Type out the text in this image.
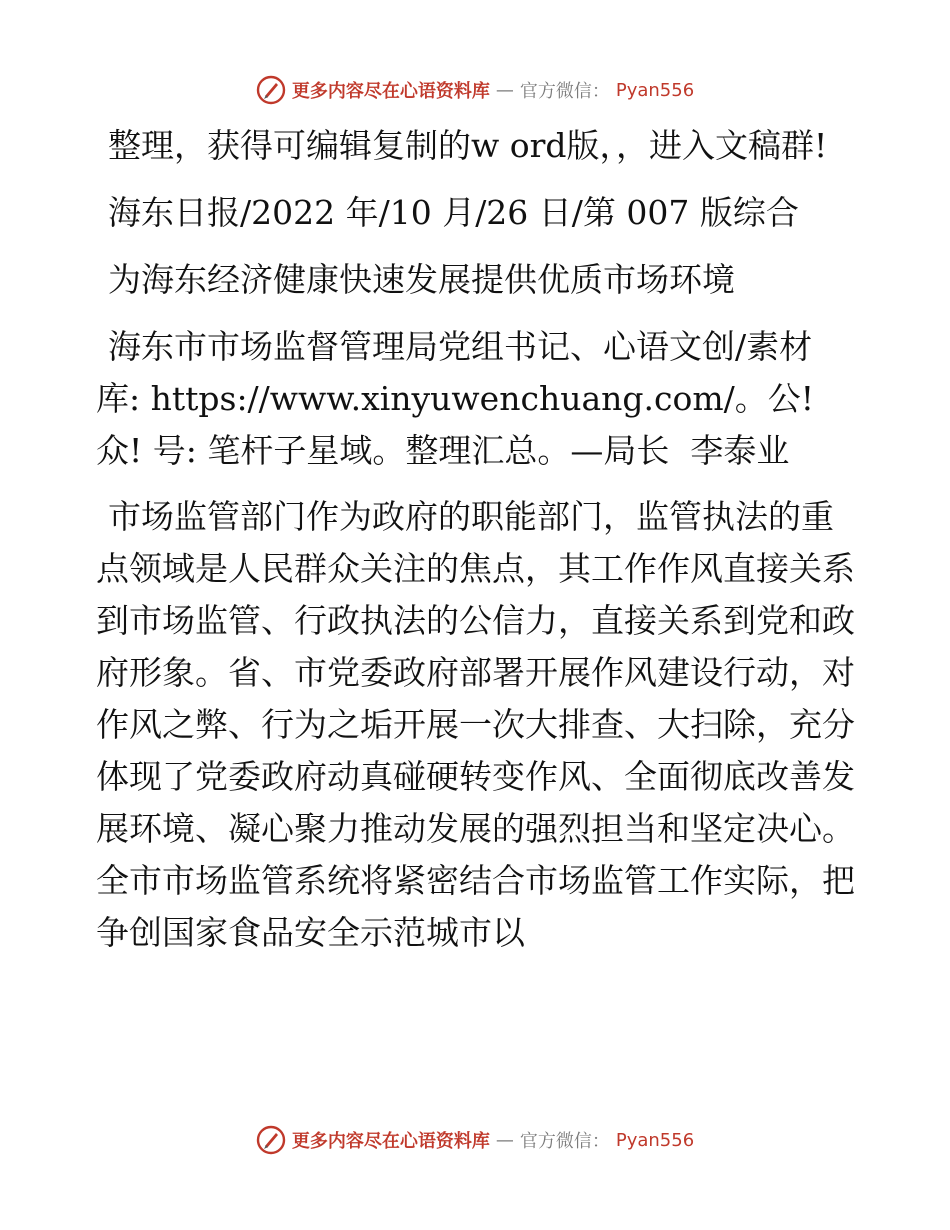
更多内容尽在心语资料库 — 官方微信： Pyan556

整理，获得可编辑复制的w ord版，，进入文稿群!

海东日报/2022 年/10 月/26 日/第 007 版综合

为海东经济健康快速发展提供优质市场环境

海东市市场监督管理局党组书记、心语文创/素材库: https://www.xinyuwenchuang.com/。公!众! 号: 笔杆子星域。整理汇总。—局长  李泰业

市场监管部门作为政府的职能部门，监管执法的重点领域是人民群众关注的焦点，其工作作风直接关系到市场监管、行政执法的公信力，直接关系到党和政府形象。省、市党委政府部署开展作风建设行动，对作风之弊、行为之垢开展一次大排查、大扫除，充分体现了党委政府动真碰硬转变作风、全面彻底改善发展环境、凝心聚力推动发展的强烈担当和坚定决心。全市市场监管系统将紧密结合市场监管工作实际，把争创国家食品安全示范城市以

更多内容尽在心语资料库 — 官方微信： Pyan556
